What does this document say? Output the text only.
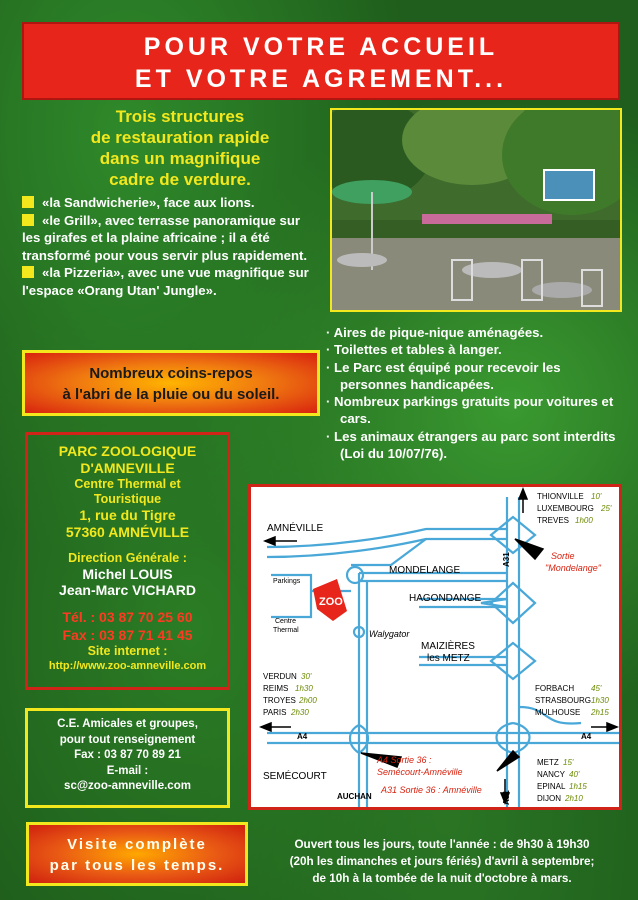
POUR VOTRE ACCUEIL
ET VOTRE AGREMENT...
Trois structures
de restauration rapide
dans un magnifique
cadre de verdure.

«la Sandwicherie», face aux lions.

«le Grill», avec terrasse panoramique sur les girafes et la plaine africaine ; il a été transformé pour vous servir plus rapidement.

«la Pizzeria», avec une vue magnifique sur l'espace «Orang Utan' Jungle».

· Aires de pique-nique aménagées.
· Toilettes et tables à langer.
· Le Parc est équipé pour recevoir les personnes handicapées.
· Nombreux parkings gratuits pour voitures et cars.
· Les animaux étrangers au parc sont interdits (Loi du 10/07/76).
Nombreux coins-repos
à l'abri de la pluie ou du soleil.
PARC ZOOLOGIQUE
D'AMNEVILLE
Centre Thermal et
Touristique
1, rue du Tigre
57360 AMNÉVILLE
Direction Générale :
Michel LOUIS
Jean-Marc VICHARD
Tél. : 03 87 70 25 60
Fax : 03 87 71 41 45
Site internet :
http://www.zoo-amneville.com
C.E. Amicales et groupes,
pour tout renseignement
Fax : 03 87 70 89 21
E-mail :
sc@zoo-amneville.com
Visite complète
par tous les temps.
Ouvert tous les jours, toute l'année : de 9h30 à 19h30
(20h les dimanches et jours fériés) d'avril à septembre;
de 10h à la tombée de la nuit d'octobre à mars.
ZOO
AMNÉVILLE
MONDELANGE
HAGONDANGE
MAIZIÈRES
les METZ
SEMÉCOURT
AUCHAN
Walygator
Parkings
Centre
Thermal
A31
A31
A4	A4
THIONVILLE 10'
LUXEMBOURG 25'
TREVES 1h00
VERDUN 30'
REIMS 1h30
TROYES 2h00
PARIS 2h30
FORBACH 45'
STRASBOURG 1h30
MULHOUSE 2h15
METZ 15'
NANCY 40'
EPINAL 1h15
DIJON 2h10
Sortie
"Mondelange"
A4 Sortie 36 :
Semécourt-Amnéville
A31 Sortie 36 : Amnéville
